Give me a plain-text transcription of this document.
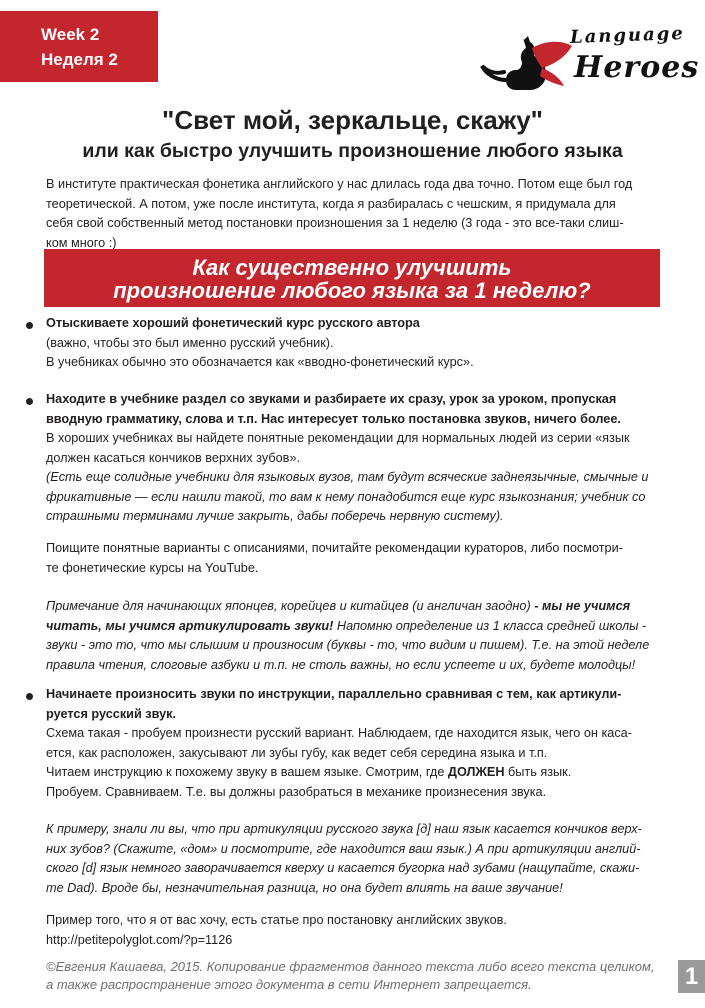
Week 2
Неделя 2
Language
Heroes
"Свет мой, зеркальце, скажу"
или как быстро улучшить произношение любого языка
В институте практическая фонетика английского у нас длилась года два точно. Потом еще был год
теоретической. А потом, уже после института, когда я разбиралась с чешским, я придумала для
себя свой собственный метод постановки произношения за 1 неделю (3 года - это все-таки слиш-
ком много :)
Как существенно улучшить
произношение любого языка за 1 неделю?
Отыскиваете хороший фонетический курс русского автора
(важно, чтобы это был именно русский учебник).
В учебниках обычно это обозначается как «вводно-фонетический курс».
Находите в учебнике раздел со звуками и разбираете их сразу, урок за уроком, пропуская
вводную грамматику, слова и т.п. Нас интересует только постановка звуков, ничего более.
В хороших учебниках вы найдете понятные рекомендации для нормальных людей из серии «язык
должен касаться кончиков верхних зубов».
(Есть еще солидные учебники для языковых вузов, там будут всяческие заднеязычные, смычные и
фрикативные — если нашли такой, то вам к нему понадобится еще курс языкознания; учебник со
страшными терминами лучше закрыть, дабы поберечь нервную систему).
Поищите понятные варианты с описаниями, почитайте рекомендации кураторов, либо посмотри-
те фонетические курсы на YouTube.
Примечание для начинающих японцев, корейцев и китайцев (и англичан заодно) - мы не учимся
читать, мы учимся артикулировать звуки! Напомню определение из 1 класса средней школы -
звуки - это то, что мы слышим и произносим (буквы - то, что видим и пишем). Т.е. на этой неделе
правила чтения, слоговые азбуки и т.п. не столь важны, но если успеете и их, будете молодцы!
Начинаете произносить звуки по инструкции, параллельно сравнивая с тем, как артикули-
руется русский звук.
Схема такая - пробуем произнести русский вариант. Наблюдаем, где находится язык, чего он касa-
ется, как расположен, закусывают ли зубы губу, как ведет себя середина языка и т.п.
Читаем инструкцию к похожему звуку в вашем языке. Смотрим, где ДОЛЖЕН быть язык.
Пробуем. Сравниваем. Т.е. вы должны разобраться в механике произнесения звука.
К примеру, знали ли вы, что при артикуляции русского звука [д] наш язык касается кончиков верх-
них зубов? (Скажите, «дом» и посмотрите, где находится ваш язык.) А при артикуляции англий-
ского [d] язык немного заворачивается кверху и касается бугорка над зубами (нащупайте, скажи-
те Dad). Вроде бы, незначительная разница, но она будет влиять на ваше звучание!
Пример того, что я от вас хочу, есть статье про постановку английских звуков.
http://petitepolyglot.com/?p=1126
©Евгения Кашаева, 2015. Копирование фрагментов данного текста либо всего текста целиком,
а также распространение этого документа в сети Интернет запрещается.	1
